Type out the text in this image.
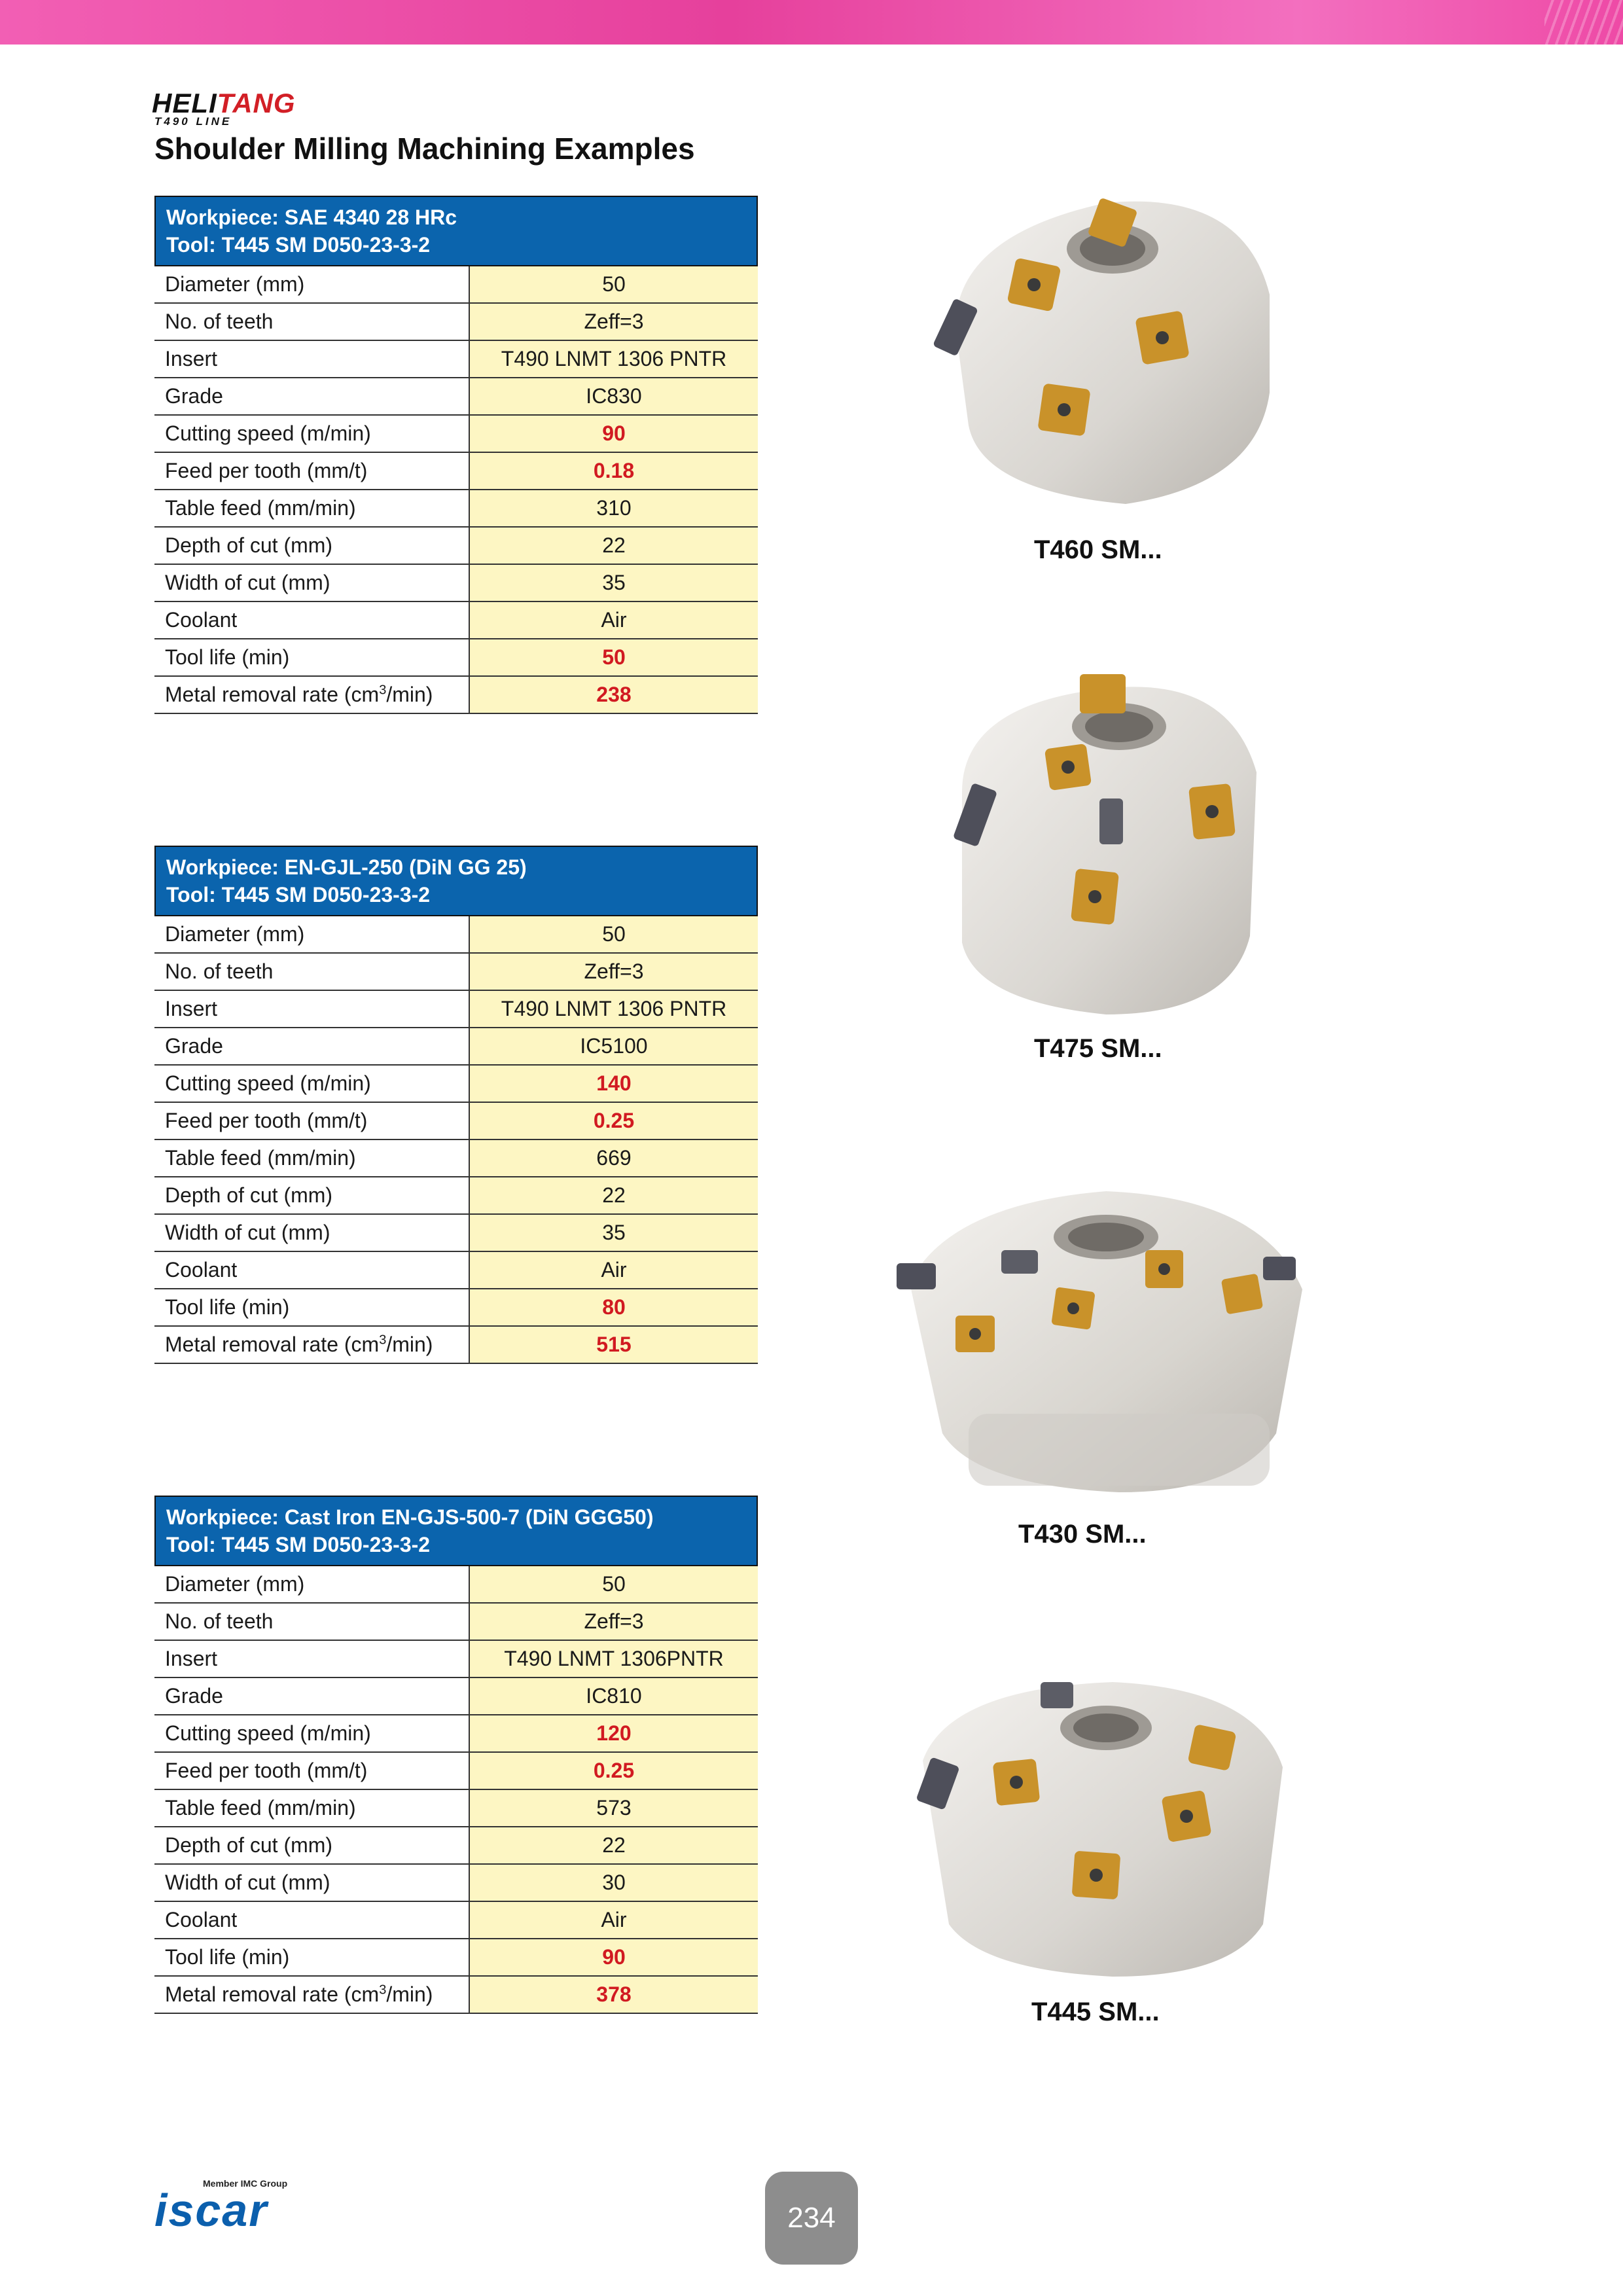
HELITANG
T490 LINE
Shoulder Milling Machining Examples
Workpiece: SAE 4340 28 HRc
Tool: T445 SM D050-23-3-2
Diameter (mm)	50
No. of teeth	Zeff=3
Insert	T490 LNMT 1306 PNTR
Grade	IC830
Cutting speed (m/min)	90
Feed per tooth (mm/t)	0.18
Table feed (mm/min)	310
Depth of cut (mm)	22
Width of cut (mm)	35
Coolant	Air
Tool life (min)	50
Metal removal rate $(cm^3/\min)$	238
Workpiece: EN-GJL-250 (DiN GG 25)
Tool: T445 SM D050-23-3-2
Diameter (mm)	50
No. of teeth	Zeff=3
Insert	T490 LNMT 1306 PNTR
Grade	IC5100
Cutting speed (m/min)	140
Feed per tooth (mm/t)	0.25
Table feed (mm/min)	669
Depth of cut (mm)	22
Width of cut (mm)	35
Coolant	Air
Tool life (min)	80
Metal removal rate $(cm^3/\min)$	515
Workpiece: Cast Iron EN-GJS-500-7 (DiN GGG50)
Tool: T445 SM D050-23-3-2
Diameter (mm)	50
No. of teeth	Zeff=3
Insert	T490 LNMT 1306PNTR
Grade	IC810
Cutting speed (m/min)	120
Feed per tooth (mm/t)	0.25
Table feed (mm/min)	573
Depth of cut (mm)	22
Width of cut (mm)	30
Coolant	Air
Tool life (min)	90
Metal removal rate $(cm^3/\min)$	378
T460 SM...
T475 SM...
T430 SM...
T445 SM...
Member IMC Group
iscar	234
